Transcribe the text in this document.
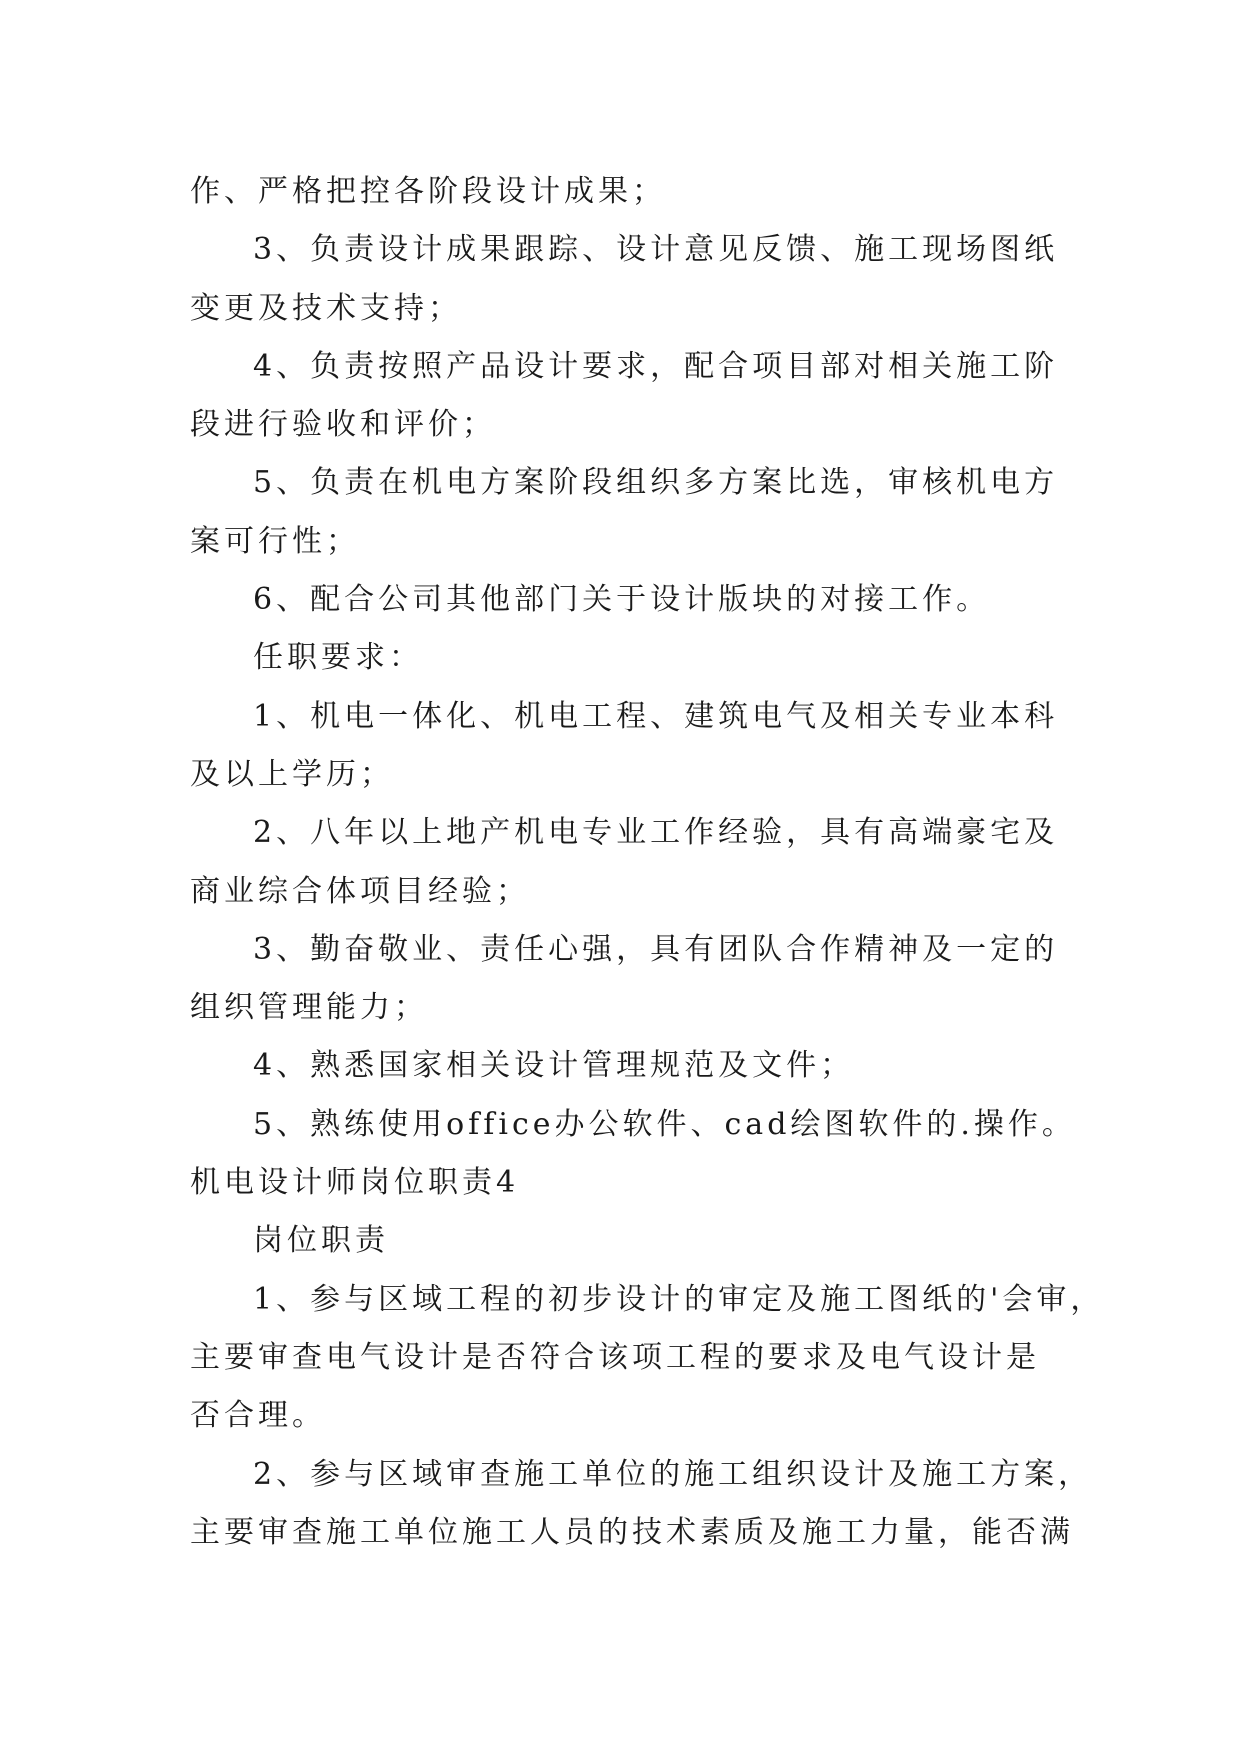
作、严格把控各阶段设计成果；
3、负责设计成果跟踪、设计意见反馈、施工现场图纸
变更及技术支持；
4、负责按照产品设计要求，配合项目部对相关施工阶
段进行验收和评价；
5、负责在机电方案阶段组织多方案比选，审核机电方
案可行性；
6、配合公司其他部门关于设计版块的对接工作。
任职要求：
1、机电一体化、机电工程、建筑电气及相关专业本科
及以上学历；
2、八年以上地产机电专业工作经验，具有高端豪宅及
商业综合体项目经验；
3、勤奋敬业、责任心强，具有团队合作精神及一定的
组织管理能力；
4、熟悉国家相关设计管理规范及文件；
5、熟练使用office办公软件、cad绘图软件的.操作。
机电设计师岗位职责4
岗位职责
1、参与区域工程的初步设计的审定及施工图纸的'会审，
主要审查电气设计是否符合该项工程的要求及电气设计是
否合理。
2、参与区域审查施工单位的施工组织设计及施工方案，
主要审查施工单位施工人员的技术素质及施工力量，能否满
